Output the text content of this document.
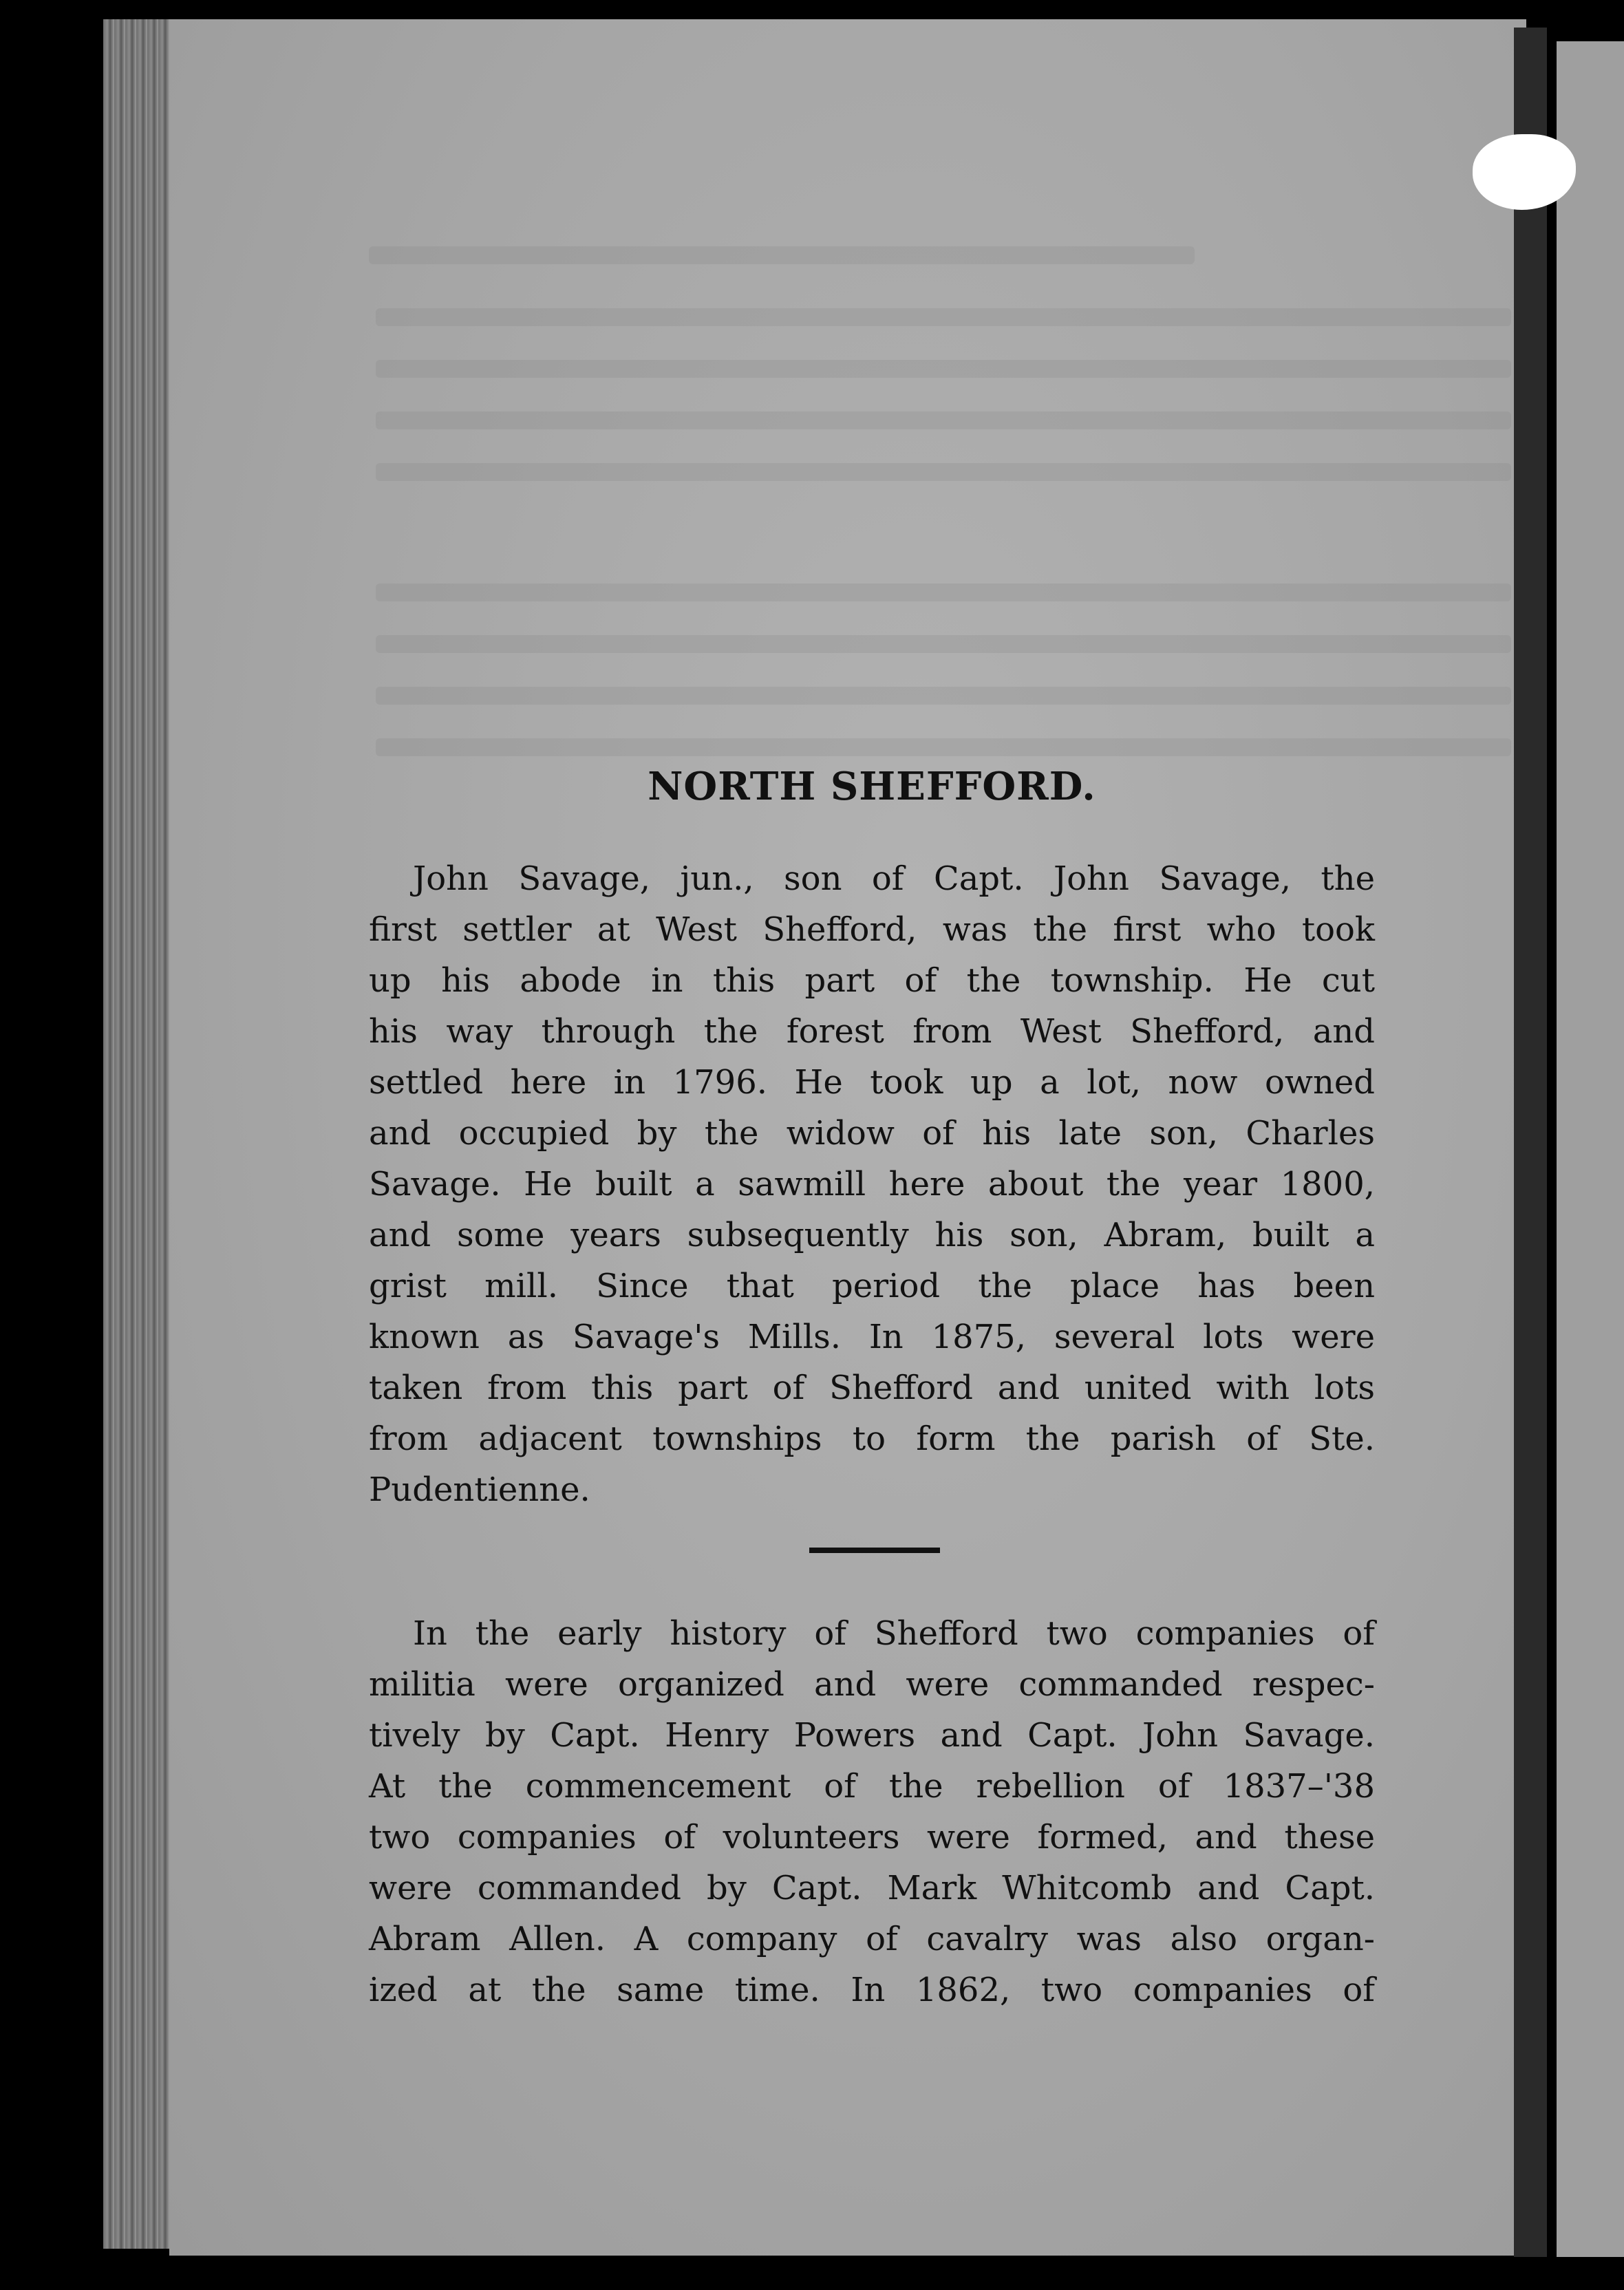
NORTH SHEFFORD.
John Savage, jun., son of Capt. John Savage, the
first settler at West Shefford, was the first who took
up his abode in this part of the township. He cut
his way through the forest from West Shefford, and
settled here in 1796. He took up a lot, now owned
and occupied by the widow of his late son, Charles
Savage. He built a sawmill here about the year 1800,
and some years subsequently his son, Abram, built a
grist mill. Since that period the place has been
known as Savage's Mills. In 1875, several lots were
taken from this part of Shefford and united with lots
from adjacent townships to form the parish of Ste.
Pudentienne.
In the early history of Shefford two companies of
militia were organized and were commanded respec-
tively by Capt. Henry Powers and Capt. John Savage.
At the commencement of the rebellion of 1837–'38
two companies of volunteers were formed, and these
were commanded by Capt. Mark Whitcomb and Capt.
Abram Allen. A company of cavalry was also organ-
ized at the same time. In 1862, two companies of
